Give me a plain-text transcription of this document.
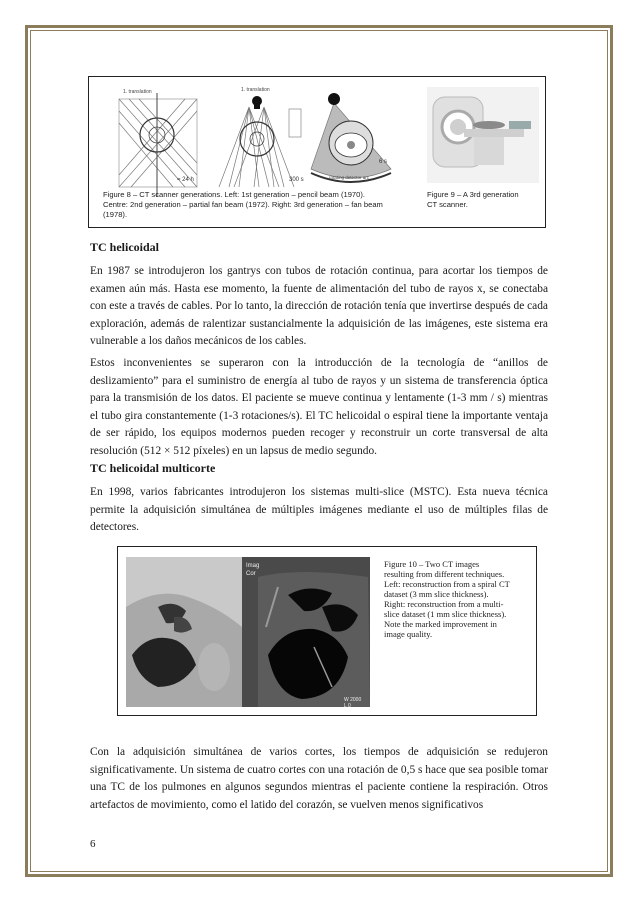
1. translation
= 24 h
1. translation
300 s
6 s
rotating detector arc
Figure 8 – CT scanner generations. Left: 1st generation – pencil beam (1970).
Centre: 2nd generation – partial fan beam (1972). Right: 3rd generation – fan beam
(1978).
Figure 9 – A 3rd generation
CT scanner.
TC helicoidal
En 1987 se introdujeron los gantrys con tubos de rotación continua, para acortar los tiempos de examen aún más. Hasta ese momento, la fuente de alimentación del tubo de rayos x, se conectaba con este a través de cables. Por lo tanto, la dirección de rotación tenía que invertirse después de cada exploración, además de ralentizar sustancialmente la adquisición de las imágenes, este sistema era vulnerable a los daños mecánicos de los cables.
Estos inconvenientes se superaron con la introducción de la tecnología de “anillos de deslizamiento” para el suministro de energía al tubo de rayos y un sistema de transferencia óptica para la transmisión de los datos. El paciente se mueve continua y lentamente (1-3 mm / s) mientras el tubo gira constantemente (1-3 rotaciones/s). El TC helicoidal o espiral tiene la importante ventaja de ser rápido, los equipos modernos pueden recoger y reconstruir un corte transversal de alta resolución (512 × 512 píxeles) en un lapsus de medio segundo.
TC helicoidal multicorte
En 1998, varios fabricantes introdujeron los sistemas multi-slice (MSTC). Esta nueva técnica permite la adquisición simultánea de múltiples imágenes mediante el uso de múltiples filas de detectores.
Imag
Cor
W 2000
L 0
Figure 10 – Two CT images
resulting from different techniques.
Left: reconstruction from a spiral CT
dataset (3 mm slice thickness).
Right: reconstruction from a multi-
slice dataset (1 mm slice thickness).
Note the marked improvement in
image quality.
Con la adquisición simultánea de varios cortes, los tiempos de adquisición se redujeron significativamente. Un sistema de cuatro cortes con una rotación de 0,5 s hace que sea posible tomar una TC de los pulmones en algunos segundos mientras el paciente contiene la respiración. Otros artefactos de movimiento, como el latido del corazón, se vuelven menos significativos
6
